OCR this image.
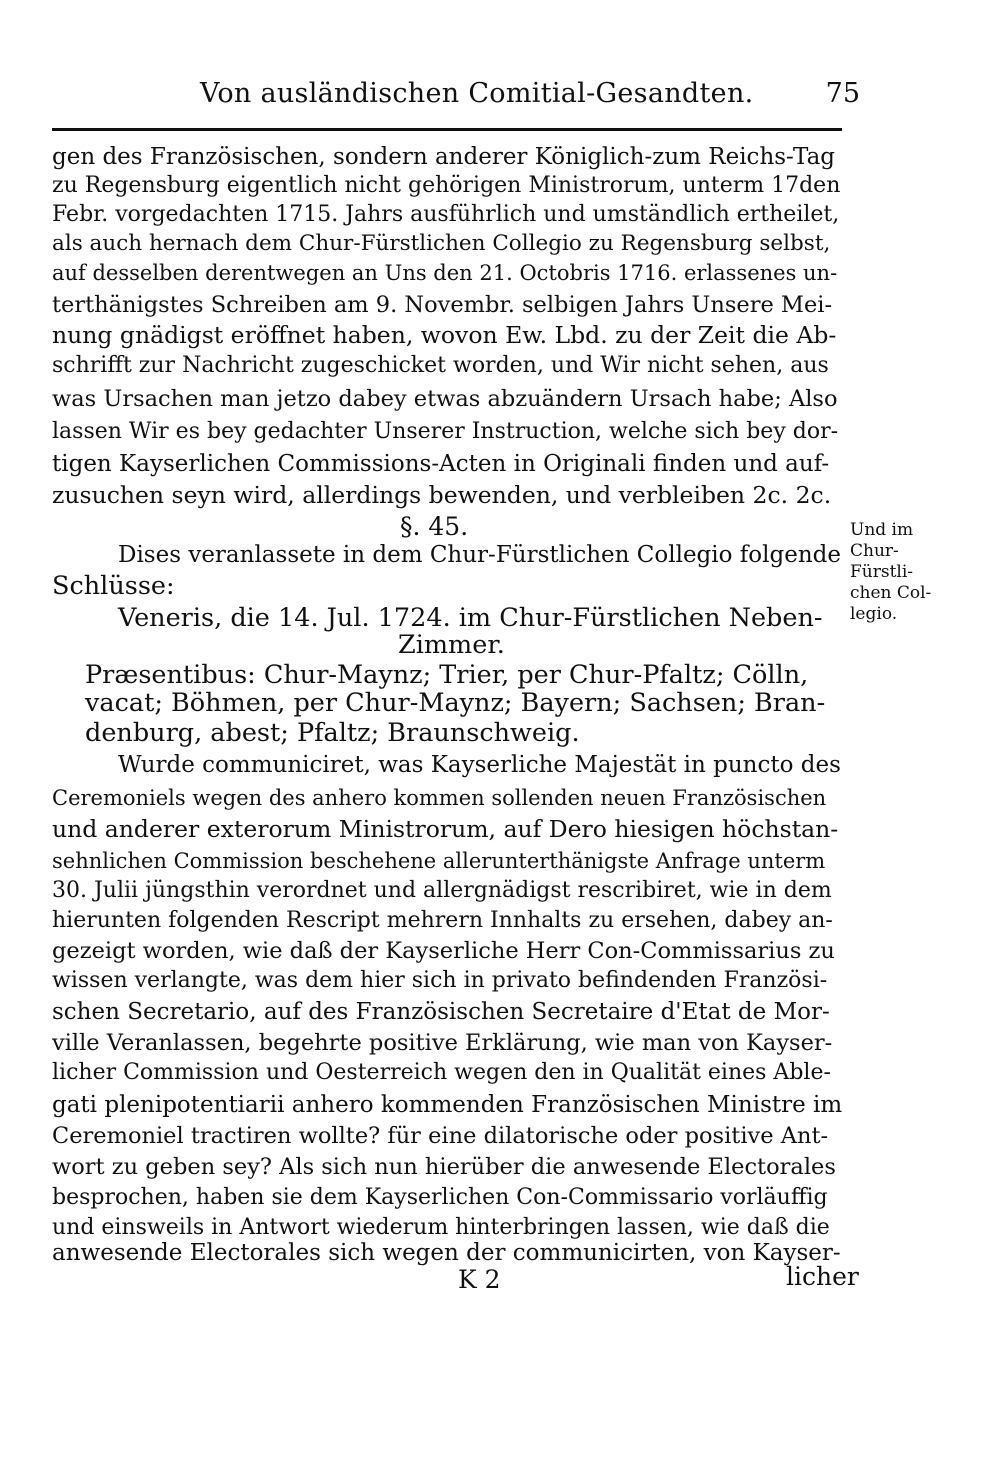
Von ausländischen Comitial-Gesandten.	75
gen des Französischen, sondern anderer Königlich-zum Reichs-Tag
zu Regensburg eigentlich nicht gehörigen Ministrorum, unterm 17den
Febr. vorgedachten 1715. Jahrs ausführlich und umständlich ertheilet,
als auch hernach dem Chur-Fürstlichen Collegio zu Regensburg selbst,
auf desselben derentwegen an Uns den 21. Octobris 1716. erlassenes un-
terthänigstes Schreiben am 9. Novembr. selbigen Jahrs Unsere Mei-
nung gnädigst eröffnet haben, wovon Ew. Lbd. zu der Zeit die Ab-
schrifft zur Nachricht zugeschicket worden, und Wir nicht sehen, aus
was Ursachen man jetzo dabey etwas abzuändern Ursach habe; Also
lassen Wir es bey gedachter Unserer Instruction, welche sich bey dor-
tigen Kayserlichen Commissions-Acten in Originali finden und auf-
zusuchen seyn wird, allerdings bewenden, und verbleiben 2c. 2c.
§. 45.
Dises veranlassete in dem Chur-Fürstlichen Collegio folgende
Schlüsse:
Veneris, die 14. Jul. 1724. im Chur-Fürstlichen Neben-
Zimmer.
Præsentibus: Chur-Maynz; Trier, per Chur-Pfaltz; Cölln,
vacat; Böhmen, per Chur-Maynz; Bayern; Sachsen; Bran-
denburg, abest; Pfaltz; Braunschweig.
Wurde communiciret, was Kayserliche Majestät in puncto des
Ceremoniels wegen des anhero kommen sollenden neuen Französischen
und anderer exterorum Ministrorum, auf Dero hiesigen höchstan-
sehnlichen Commission beschehene allerunterthänigste Anfrage unterm
30. Julii jüngsthin verordnet und allergnädigst rescribiret, wie in dem
hierunten folgenden Rescript mehrern Innhalts zu ersehen, dabey an-
gezeigt worden, wie daß der Kayserliche Herr Con-Commissarius zu
wissen verlangte, was dem hier sich in privato befindenden Französi-
schen Secretario, auf des Französischen Secretaire d'Etat de Mor-
ville Veranlassen, begehrte positive Erklärung, wie man von Kayser-
licher Commission und Oesterreich wegen den in Qualität eines Able-
gati plenipotentiarii anhero kommenden Französischen Ministre im
Ceremoniel tractiren wollte? für eine dilatorische oder positive Ant-
wort zu geben sey? Als sich nun hierüber die anwesende Electorales
besprochen, haben sie dem Kayserlichen Con-Commissario vorläuffig
und einsweils in Antwort wiederum hinterbringen lassen, wie daß die
anwesende Electorales sich wegen der communicirten, von Kayser-
Und im
Chur-
Fürstli-
chen Col-
legio.
K 2	licher
